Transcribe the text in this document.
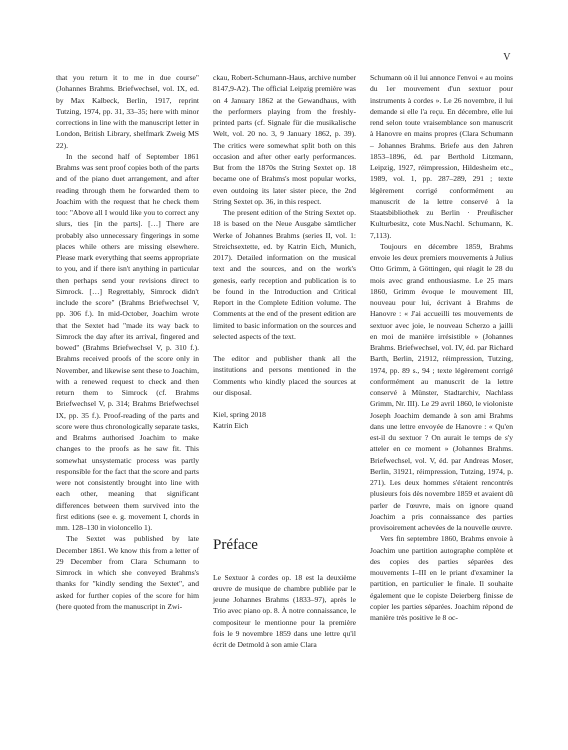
V

that you return it to me in due course" (Johannes Brahms. Briefwechsel, vol. IX, ed. by Max Kalbeck, Berlin, 1917, reprint Tutzing, 1974, pp. 31, 33–35; here with minor corrections in line with the manuscript letter in London, British Library, shelfmark Zweig MS 22).

In the second half of September 1861 Brahms was sent proof copies both of the parts and of the piano duet arrangement, and after reading through them he forwarded them to Joachim with the request that he check them too: "Above all I would like you to correct any slurs, ties [in the parts]. […] There are probably also unnecessary fingerings in some places while others are missing elsewhere. Please mark everything that seems appropriate to you, and if there isn't anything in particular then perhaps send your revisions direct to Simrock. […] Regrettably, Simrock didn't include the score" (Brahms Briefwechsel V, pp. 306 f.). In mid-October, Joachim wrote that the Sextet had "made its way back to Simrock the day after its arrival, fingered and bowed" (Brahms Briefwechsel V, p. 310 f.). Brahms received proofs of the score only in November, and likewise sent these to Joachim, with a renewed request to check and then return them to Simrock (cf. Brahms Briefwechsel V, p. 314; Brahms Briefwechsel IX, pp. 35 f.). Proof-reading of the parts and score were thus chronologically separate tasks, and Brahms authorised Joachim to make changes to the proofs as he saw fit. This somewhat unsystematic process was partly responsible for the fact that the score and parts were not consistently brought into line with each other, meaning that significant differences between them survived into the first editions (see e. g. movement I, chords in mm. 128–130 in violoncello 1).

The Sextet was published by late December 1861. We know this from a letter of 29 December from Clara Schumann to Simrock in which she conveyed Brahms's thanks for "kindly sending the Sextet", and asked for further copies of the score for him (here quoted from the manuscript in Zwi-

ckau, Robert-Schumann-Haus, archive number 8147,9-A2). The official Leipzig première was on 4 January 1862 at the Gewandhaus, with the performers playing from the freshly-printed parts (cf. Signale für die musikalische Welt, vol. 20 no. 3, 9 January 1862, p. 39). The critics were somewhat split both on this occasion and after other early performances. But from the 1870s the String Sextet op. 18 became one of Brahms's most popular works, even outdoing its later sister piece, the 2nd String Sextet op. 36, in this respect.

The present edition of the String Sextet op. 18 is based on the Neue Ausgabe sämtlicher Werke of Johannes Brahms (series II, vol. 1: Streichsextette, ed. by Katrin Eich, Munich, 2017). Detailed information on the musical text and the sources, and on the work's genesis, early reception and publication is to be found in the Introduction and Critical Report in the Complete Edition volume. The Comments at the end of the present edition are limited to basic information on the sources and selected aspects of the text.

The editor and publisher thank all the institutions and persons mentioned in the Comments who kindly placed the sources at our disposal.

Kiel, spring 2018

Katrin Eich

Préface

Le Sextuor à cordes op. 18 est la deuxième œuvre de musique de chambre publiée par le jeune Johannes Brahms (1833–97), après le Trio avec piano op. 8. À notre connaissance, le compositeur le mentionne pour la première fois le 9 novembre 1859 dans une lettre qu'il écrit de Detmold à son amie Clara

Schumann où il lui annonce l'envoi « au moins du 1er mouvement d'un sextuor pour instruments à cordes ». Le 26 novembre, il lui demande si elle l'a reçu. En décembre, elle lui rend selon toute vraisemblance son manuscrit à Hanovre en mains propres (Clara Schumann – Johannes Brahms. Briefe aus den Jahren 1853–1896, éd. par Berthold Litzmann, Leipzig, 1927, réimpression, Hildesheim etc., 1989, vol. 1, pp. 287–289, 291 ; texte légèrement corrigé conformément au manuscrit de la lettre conservé à la Staatsbibliothek zu Berlin · Preußischer Kulturbesitz, cote Mus.Nachl. Schumann, K. 7,113).

Toujours en décembre 1859, Brahms envoie les deux premiers mouvements à Julius Otto Grimm, à Göttingen, qui réagit le 28 du mois avec grand enthousiasme. Le 25 mars 1860, Grimm évoque le mouvement III, nouveau pour lui, écrivant à Brahms de Hanovre : « J'ai accueilli tes mouvements de sextuor avec joie, le nouveau Scherzo a jailli en moi de manière irrésistible » (Johannes Brahms. Briefwechsel, vol. IV, éd. par Richard Barth, Berlin, 21912, réimpression, Tutzing, 1974, pp. 89 s., 94 ; texte légèrement corrigé conformément au manuscrit de la lettre conservé à Münster, Stadtarchiv, Nachlass Grimm, Nr. III). Le 29 avril 1860, le violoniste Joseph Joachim demande à son ami Brahms dans une lettre envoyée de Hanovre : « Qu'en est-il du sextuor ? On aurait le temps de s'y atteler en ce moment » (Johannes Brahms. Briefwechsel, vol. V, éd. par Andreas Moser, Berlin, 31921, réimpression, Tutzing, 1974, p. 271). Les deux hommes s'étaient rencontrés plusieurs fois dès novembre 1859 et avaient dû parler de l'œuvre, mais on ignore quand Joachim a pris connaissance des parties provisoirement achevées de la nouvelle œuvre.

Vers fin septembre 1860, Brahms envoie à Joachim une partition autographe complète et des copies des parties séparées des mouvements I–III en le priant d'examiner la partition, en particulier le finale. Il souhaite également que le copiste Deierberg finisse de copier les parties séparées. Joachim répond de manière très positive le 8 oc-
